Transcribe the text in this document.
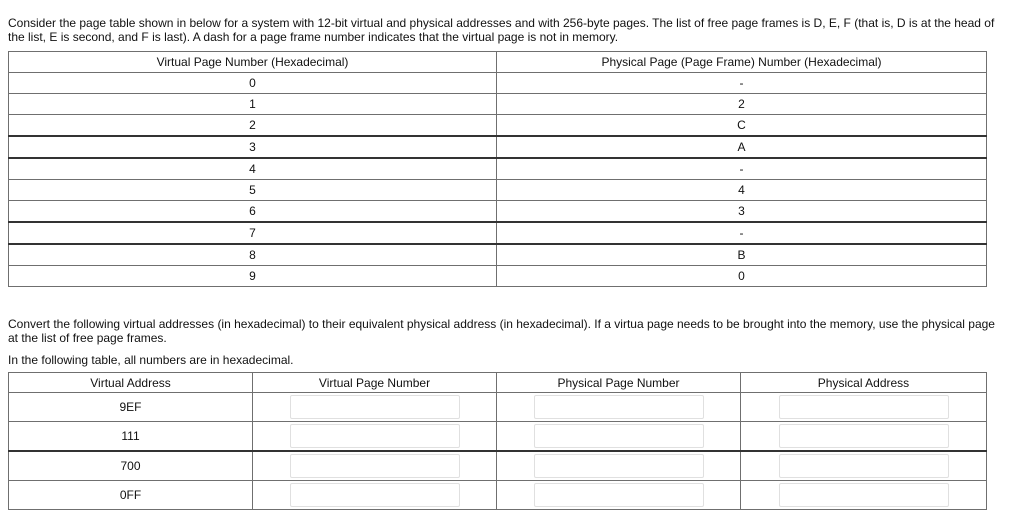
Consider the page table shown in below for a system with 12-bit virtual and physical addresses and with 256-byte pages. The list of free page frames is D, E, F (that is, D is at the head of the list, E is second, and F is last). A dash for a page frame number indicates that the virtual page is not in memory.
Virtual Page Number (Hexadecimal)	Physical Page (Page Frame) Number (Hexadecimal)
0	-
1	2
2	C
3	A
4	-
5	4
6	3
7	-
8	B
9	0
Convert the following virtual addresses (in hexadecimal) to their equivalent physical address (in hexadecimal). If a virtua page needs to be brought into the memory, use the physical page at the list of free page frames.
In the following table, all numbers are in hexadecimal.
Virtual Address	Virtual Page Number	Physical Page Number	Physical Address
9EF	

111	

700	

0FF	
